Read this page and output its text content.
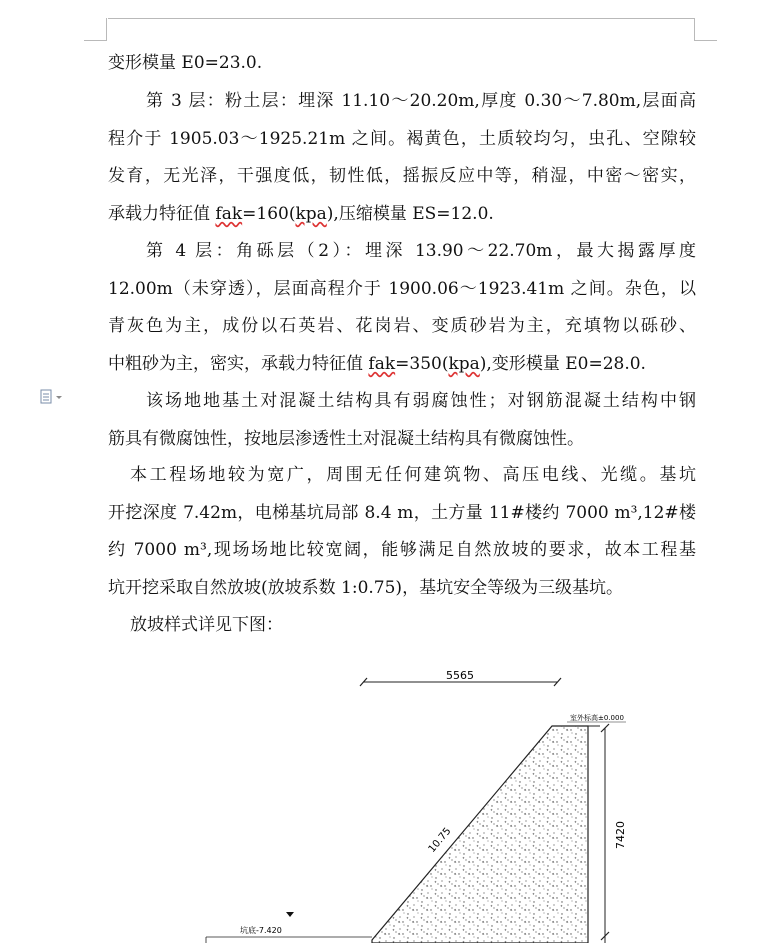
变形模量 E0=23.0.
第 3 层：粉土层：埋深 11.10～20.20m,厚度 0.30～7.80m,层面高
程介于 1905.03～1925.21m 之间。褐黄色，土质较均匀，虫孔、空隙较
发育，无光泽，干强度低，韧性低，摇振反应中等，稍湿，中密～密实，
承载力特征值 fak=160(kpa),压缩模量 ES=12.0.
第 4 层：角砾层（2）：埋深 13.90～22.70m，最大揭露厚度
12.00m（未穿透），层面高程介于 1900.06～1923.41m 之间。杂色，以
青灰色为主，成份以石英岩、花岗岩、变质砂岩为主，充填物以砾砂、
中粗砂为主，密实，承载力特征值 fak=350(kpa),变形模量 E0=28.0.
该场地地基土对混凝土结构具有弱腐蚀性；对钢筋混凝土结构中钢
筋具有微腐蚀性，按地层渗透性土对混凝土结构具有微腐蚀性。
本工程场地较为宽广，周围无任何建筑物、高压电线、光缆。基坑
开挖深度 7.42m，电梯基坑局部 8.4 m，土方量 11#楼约 7000 m³,12#楼
约 7000 m³,现场场地比较宽阔，能够满足自然放坡的要求，故本工程基
坑开挖采取自然放坡(放坡系数 1:0.75)，基坑安全等级为三级基坑。
放坡样式详见下图：
5565
室外标高±0.000
7420
10.75
坑底-7.420
